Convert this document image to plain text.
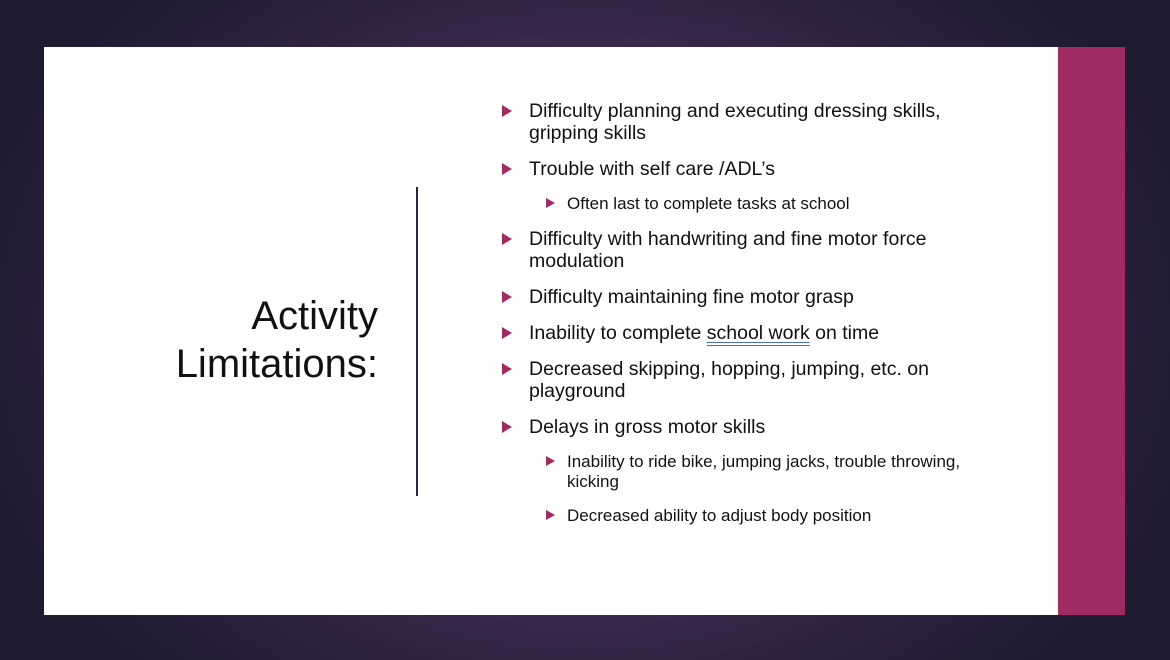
Activity
Limitations:
Difficulty planning and executing dressing skills, gripping skills
Trouble with self care /ADL’s
Often last to complete tasks at school
Difficulty with handwriting and fine motor force modulation
Difficulty maintaining fine motor grasp
Inability to complete school work on time
Decreased skipping, hopping, jumping, etc. on playground
Delays in gross motor skills
Inability to ride bike, jumping jacks, trouble throwing, kicking
Decreased ability to adjust body position
